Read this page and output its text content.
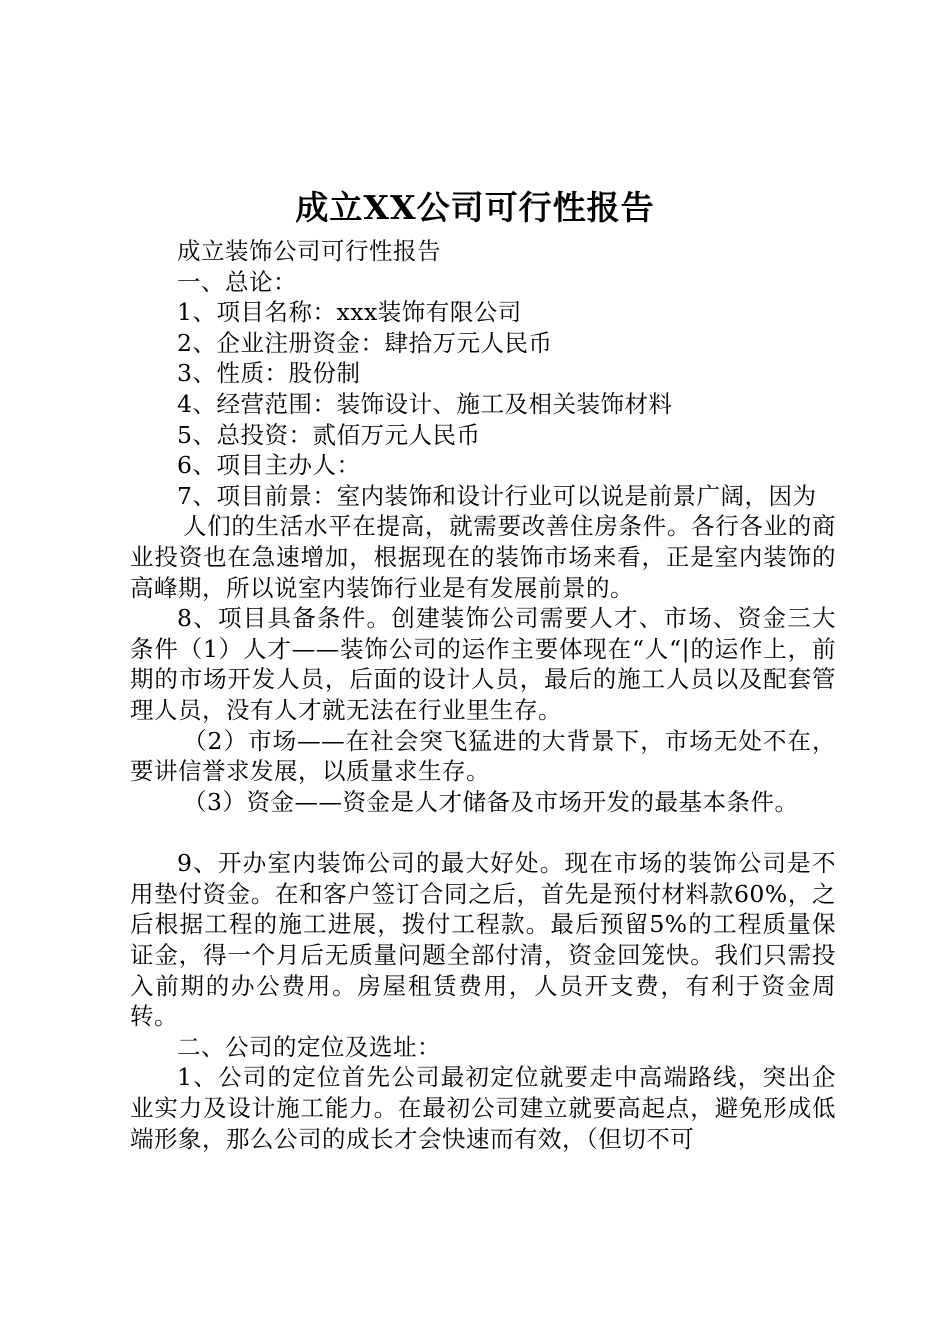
成立XX公司可行性报告

成立装饰公司可行性报告

一、总论：

1、项目名称：xxx装饰有限公司

2、企业注册资金：肆拾万元人民币

3、性质：股份制

4、经营范围：装饰设计、施工及相关装饰材料

5、总投资：贰佰万元人民币

6、项目主办人：

7、项目前景：室内装饰和设计行业可以说是前景广阔，因为

人们的生活水平在提高，就需要改善住房条件。各行各业的商业投资也在急速增加，根据现在的装饰市场来看，正是室内装饰的高峰期，所以说室内装饰行业是有发展前景的。

8、项目具备条件。创建装饰公司需要人才、市场、资金三大条件（1）人才——装饰公司的运作主要体现在“人“|的运作上，前期的市场开发人员，后面的设计人员，最后的施工人员以及配套管理人员，没有人才就无法在行业里生存。

（2）市场——在社会突飞猛进的大背景下，市场无处不在，要讲信誉求发展，以质量求生存。

（3）资金——资金是人才储备及市场开发的最基本条件。

9、开办室内装饰公司的最大好处。现在市场的装饰公司是不用垫付资金。在和客户签订合同之后，首先是预付材料款60%，之后根据工程的施工进展，拨付工程款。最后预留5%的工程质量保证金，得一个月后无质量问题全部付清，资金回笼快。我们只需投入前期的办公费用。房屋租赁费用，人员开支费，有利于资金周转。

二、公司的定位及选址：

1、公司的定位首先公司最初定位就要走中高端路线，突出企业实力及设计施工能力。在最初公司建立就要高起点，避免形成低端形象，那么公司的成长才会快速而有效，（但切不可
